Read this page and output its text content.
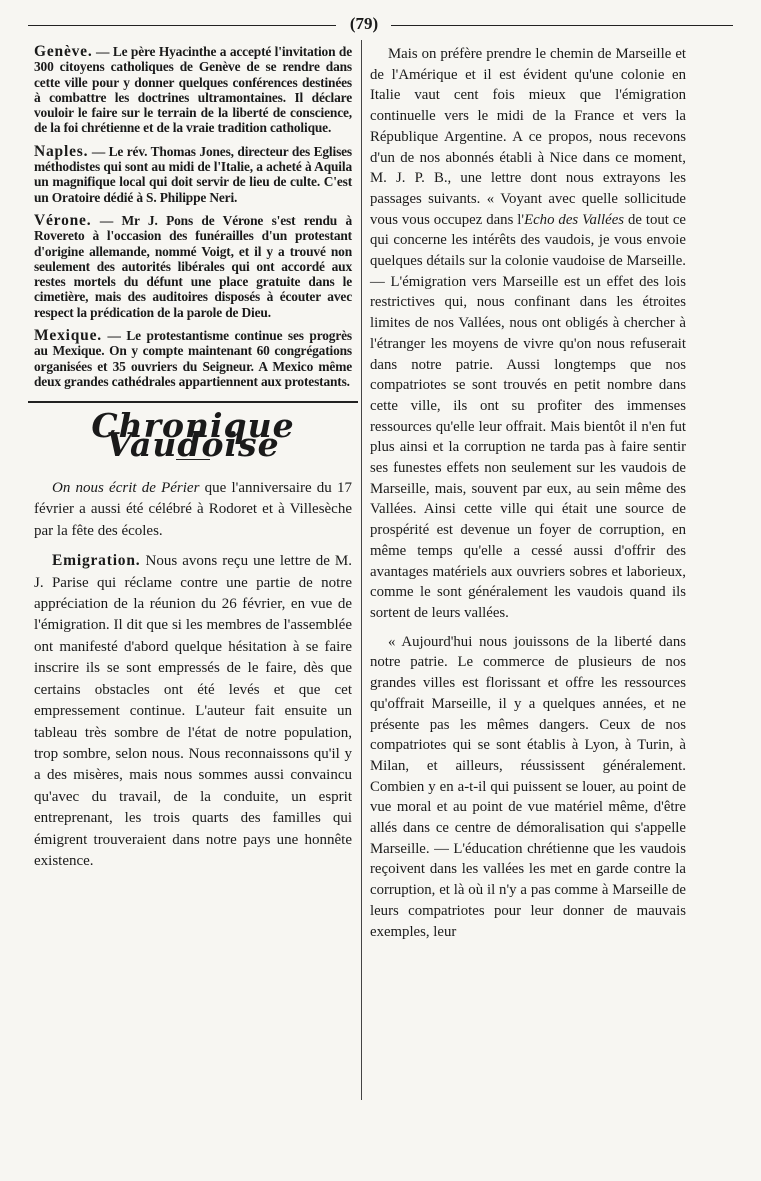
(79)

Genève. — Le père Hyacinthe a accepté l'invitation de 300 citoyens catholiques de Genève de se rendre dans cette ville pour y donner quelques conférences destinées à combattre les doctrines ultramontaines. Il déclare vouloir le faire sur le terrain de la liberté de conscience, de la foi chrétienne et de la vraie tradition catholique.

Naples. — Le rév. Thomas Jones, directeur des Eglises méthodistes qui sont au midi de l'Italie, a acheté à Aquila un magnifique local qui doit servir de lieu de culte. C'est un Oratoire dédié à S. Philippe Neri.

Vérone. — Mr J. Pons de Vérone s'est rendu à Rovereto à l'occasion des funérailles d'un protestant d'origine allemande, nommé Voigt, et il y a trouvé non seulement des autorités libérales qui ont accordé aux restes mortels du défunt une place gratuite dans le cimetière, mais des auditoires disposés à écouter avec respect la prédication de la parole de Dieu.

Mexique. — Le protestantisme continue ses progrès au Mexique. On y compte maintenant 60 congrégations organisées et 35 ouvriers du Seigneur. A Mexico même deux grandes cathédrales appartiennent aux protestants.

Chronique Vaudoise

On nous écrit de Périer que l'anniversaire du 17 février a aussi été célébré à Rodoret et à Villesèche par la fête des écoles.

Emigration. Nous avons reçu une lettre de M. J. Parise qui réclame contre une partie de notre appréciation de la réunion du 26 février, en vue de l'émigration. Il dit que si les membres de l'assemblée ont manifesté d'abord quelque hésitation à se faire inscrire ils se sont empressés de le faire, dès que certains obstacles ont été levés et que cet empressement continue. L'auteur fait ensuite un tableau très sombre de l'état de notre population, trop sombre, selon nous. Nous reconnaissons qu'il y a des misères, mais nous sommes aussi convaincu qu'avec du travail, de la conduite, un esprit entreprenant, les trois quarts des familles qui émigrent trouveraient dans notre pays une honnête existence.

Mais on préfère prendre le chemin de Marseille et de l'Amérique et il est évident qu'une colonie en Italie vaut cent fois mieux que l'émigration continuelle vers le midi de la France et vers la République Argentine. A ce propos, nous recevons d'un de nos abonnés établi à Nice dans ce moment, M. J. P. B., une lettre dont nous extrayons les passages suivants. « Voyant avec quelle sollicitude vous vous occupez dans l'Echo des Vallées de tout ce qui concerne les intérêts des vaudois, je vous envoie quelques détails sur la colonie vaudoise de Marseille. — L'émigration vers Marseille est un effet des lois restrictives qui, nous confinant dans les étroites limites de nos Vallées, nous ont obligés à chercher à l'étranger les moyens de vivre qu'on nous refuserait dans notre patrie. Aussi longtemps que nos compatriotes se sont trouvés en petit nombre dans cette ville, ils ont su profiter des immenses ressources qu'elle leur offrait. Mais bientôt il n'en fut plus ainsi et la corruption ne tarda pas à faire sentir ses funestes effets non seulement sur les vaudois de Marseille, mais, souvent par eux, au sein même des Vallées. Ainsi cette ville qui était une source de prospérité est devenue un foyer de corruption, en même temps qu'elle a cessé aussi d'offrir des avantages matériels aux ouvriers sobres et laborieux, comme le sont généralement les vaudois quand ils sortent de leurs vallées.

« Aujourd'hui nous jouissons de la liberté dans notre patrie. Le commerce de plusieurs de nos grandes villes est florissant et offre les ressources qu'offrait Marseille, il y a quelques années, et ne présente pas les mêmes dangers. Ceux de nos compatriotes qui se sont établis à Lyon, à Turin, à Milan, et ailleurs, réussissent généralement. Combien y en a-t-il qui puissent se louer, au point de vue moral et au point de vue matériel même, d'être allés dans ce centre de démoralisation qui s'appelle Marseille. — L'éducation chrétienne que les vaudois reçoivent dans les vallées les met en garde contre la corruption, et là où il n'y a pas comme à Marseille de leurs compatriotes pour leur donner de mauvais exemples, leur
